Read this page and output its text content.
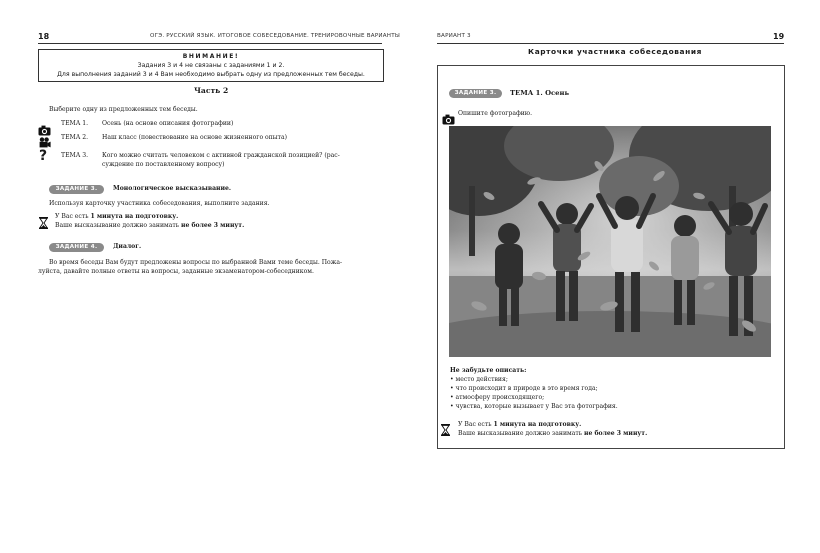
18	ОГЭ. РУССКИЙ ЯЗЫК. ИТОГОВОЕ СОБЕСЕДОВАНИЕ. ТРЕНИРОВОЧНЫЕ ВАРИАНТЫ
ВНИМАНИЕ!
Задания 3 и 4 не связаны с заданиями 1 и 2.
Для выполнения заданий 3 и 4 Вам необходимо выбрать одну из предложенных тем беседы.
Часть 2
Выберите одну из предложенных тем беседы.
ТЕМА 1. Осень (на основе описания фотографии)
ТЕМА 2. Наш класс (повествование на основе жизненного опыта)
? ТЕМА 3. Кого можно считать человеком с активной гражданской позицией? (рас-
суждение по поставленному вопросу)
ЗАДАНИЕ 3.	Монологическое высказывание.
Используя карточку участника собеседования, выполните задания.
У Вас есть 1 минута на подготовку.
Ваше высказывание должно занимать не более 3 минут.
ЗАДАНИЕ 4.	Диалог.
Во время беседы Вам будут предложены вопросы по выбранной Вами теме беседы. Пожа-
луйста, давайте полные ответы на вопросы, заданные экзаменатором-собеседником.
ВАРИАНТ 3	19
Карточки участника собеседования
ЗАДАНИЕ 3.	ТЕМА 1. Осень
Опишите фотографию.
Не забудьте описать:
• место действия;
• что происходит в природе в это время года;
• атмосферу происходящего;
• чувства, которые вызывает у Вас эта фотография.
У Вас есть 1 минута на подготовку.
Ваше высказывание должно занимать не более 3 минут.
